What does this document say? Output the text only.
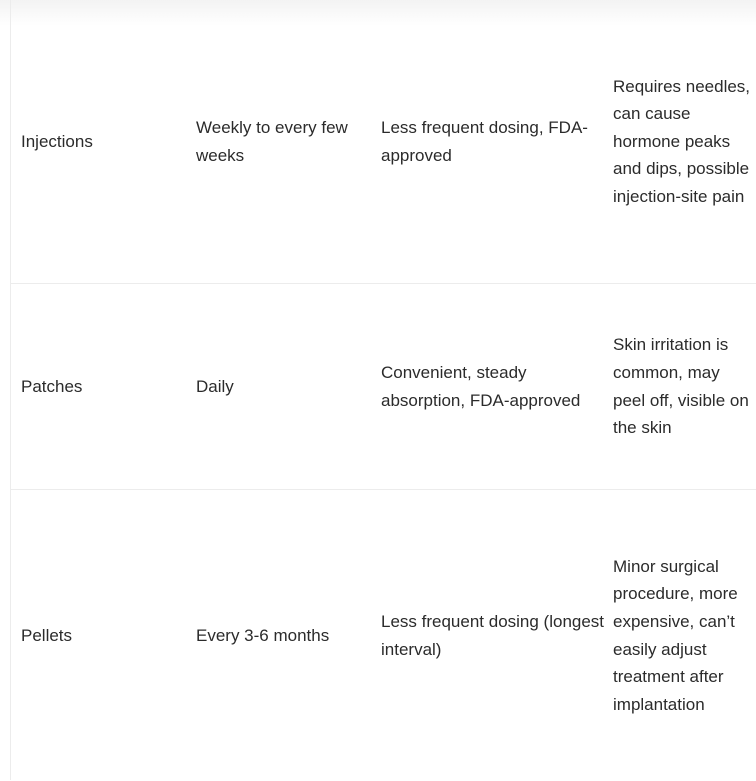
Injections	Weekly to every few weeks	Less frequent dosing, FDA-approved	Requires needles, can cause hormone peaks and dips, possible injection-site pain

Patches	Daily	Convenient, steady absorption, FDA-approved	Skin irritation is common, may peel off, visible on the skin

Pellets	Every 3-6 months	Less frequent dosing (longest interval)	Minor surgical procedure, more expensive, can’t easily adjust treatment after implantation
